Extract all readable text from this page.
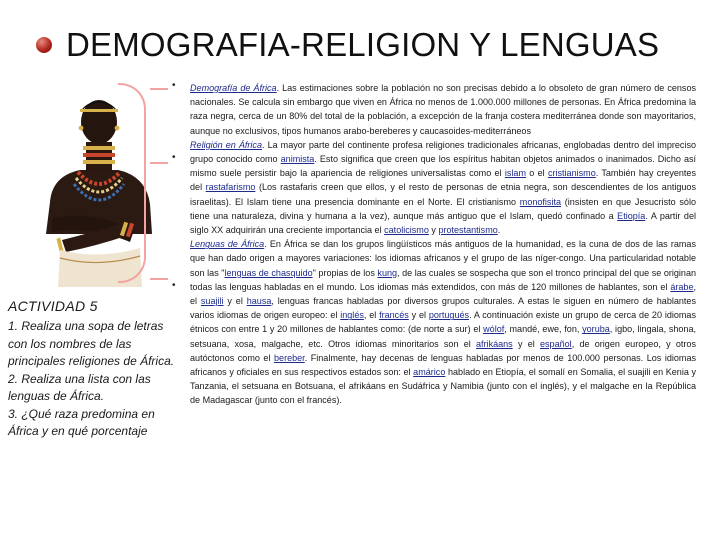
DEMOGRAFIA-RELIGION Y LENGUAS
•
•
•
ACTIVIDAD 5

1. Realiza una sopa de letras con los nombres de las principales religiones de África.

2. Realiza una lista con las lenguas de África.

3. ¿Qué raza predomina en África y en qué porcentaje

Demografía de África. Las estimaciones sobre la población no son precisas debido a lo obsoleto de gran número de censos nacionales. Se calcula sin embargo que viven en África no menos de 1.000.000 millones de personas. En África predomina la raza negra, cerca de un 80% del total de la población, a excepción de la franja costera mediterránea donde son mayoritarios, aunque no exclusivos, tipos humanos arabo-bereberes y caucasoides-mediterráneos

Religión en África. La mayor parte del continente profesa religiones tradicionales africanas, englobadas dentro del impreciso grupo conocido como animista. Esto significa que creen que los espíritus habitan objetos animados o inanimados. Dicho así mismo suele persistir bajo la apariencia de religiones universalistas como el islam o el cristianismo. También hay creyentes del rastafarismo (Los rastafaris creen que ellos, y el resto de personas de etnia negra, son descendientes de los antiguos israelitas). El Islam tiene una presencia dominante en el Norte. El cristianismo monofisita (insisten en que Jesucristo sólo tiene una naturaleza, divina y humana a la vez), aunque más antiguo que el Islam, quedó confinado a Etiopía. A partir del siglo XX adquirirán una creciente importancia el catolicismo y protestantismo.

Lenguas de África. En África se dan los grupos lingüísticos más antiguos de la humanidad, es la cuna de dos de las ramas que han dado origen a mayores variaciones: los idiomas africanos y el grupo de las níger-congo. Una particularidad notable son las "lenguas de chasquido" propias de los kung, de las cuales se sospecha que son el tronco principal del que se originan todas las lenguas habladas en el mundo. Los idiomas más extendidos, con más de 120 millones de hablantes, son el árabe, el suajili y el hausa, lenguas francas habladas por diversos grupos culturales. A estas le siguen en número de hablantes varios idiomas de origen europeo: el inglés, el francés y el portugués. A continuación existe un grupo de cerca de 20 idiomas étnicos con entre 1 y 20 millones de hablantes como: (de norte a sur) el wólof, mandé, ewe, fon, yoruba, igbo, lingala, shona, setsuana, xosa, malgache, etc. Otros idiomas minoritarios son el afrikáans y el español, de origen europeo, y otros autóctonos como el bereber. Finalmente, hay decenas de lenguas habladas por menos de 100.000 personas. Los idiomas africanos y oficiales en sus respectivos estados son: el amárico hablado en Etiopía, el somalí en Somalia, el suajili en Kenia y Tanzania, el setsuana en Botsuana, el afrikáans en Sudáfrica y Namibia (junto con el inglés), y el malgache en la República de Madagascar (junto con el francés).
